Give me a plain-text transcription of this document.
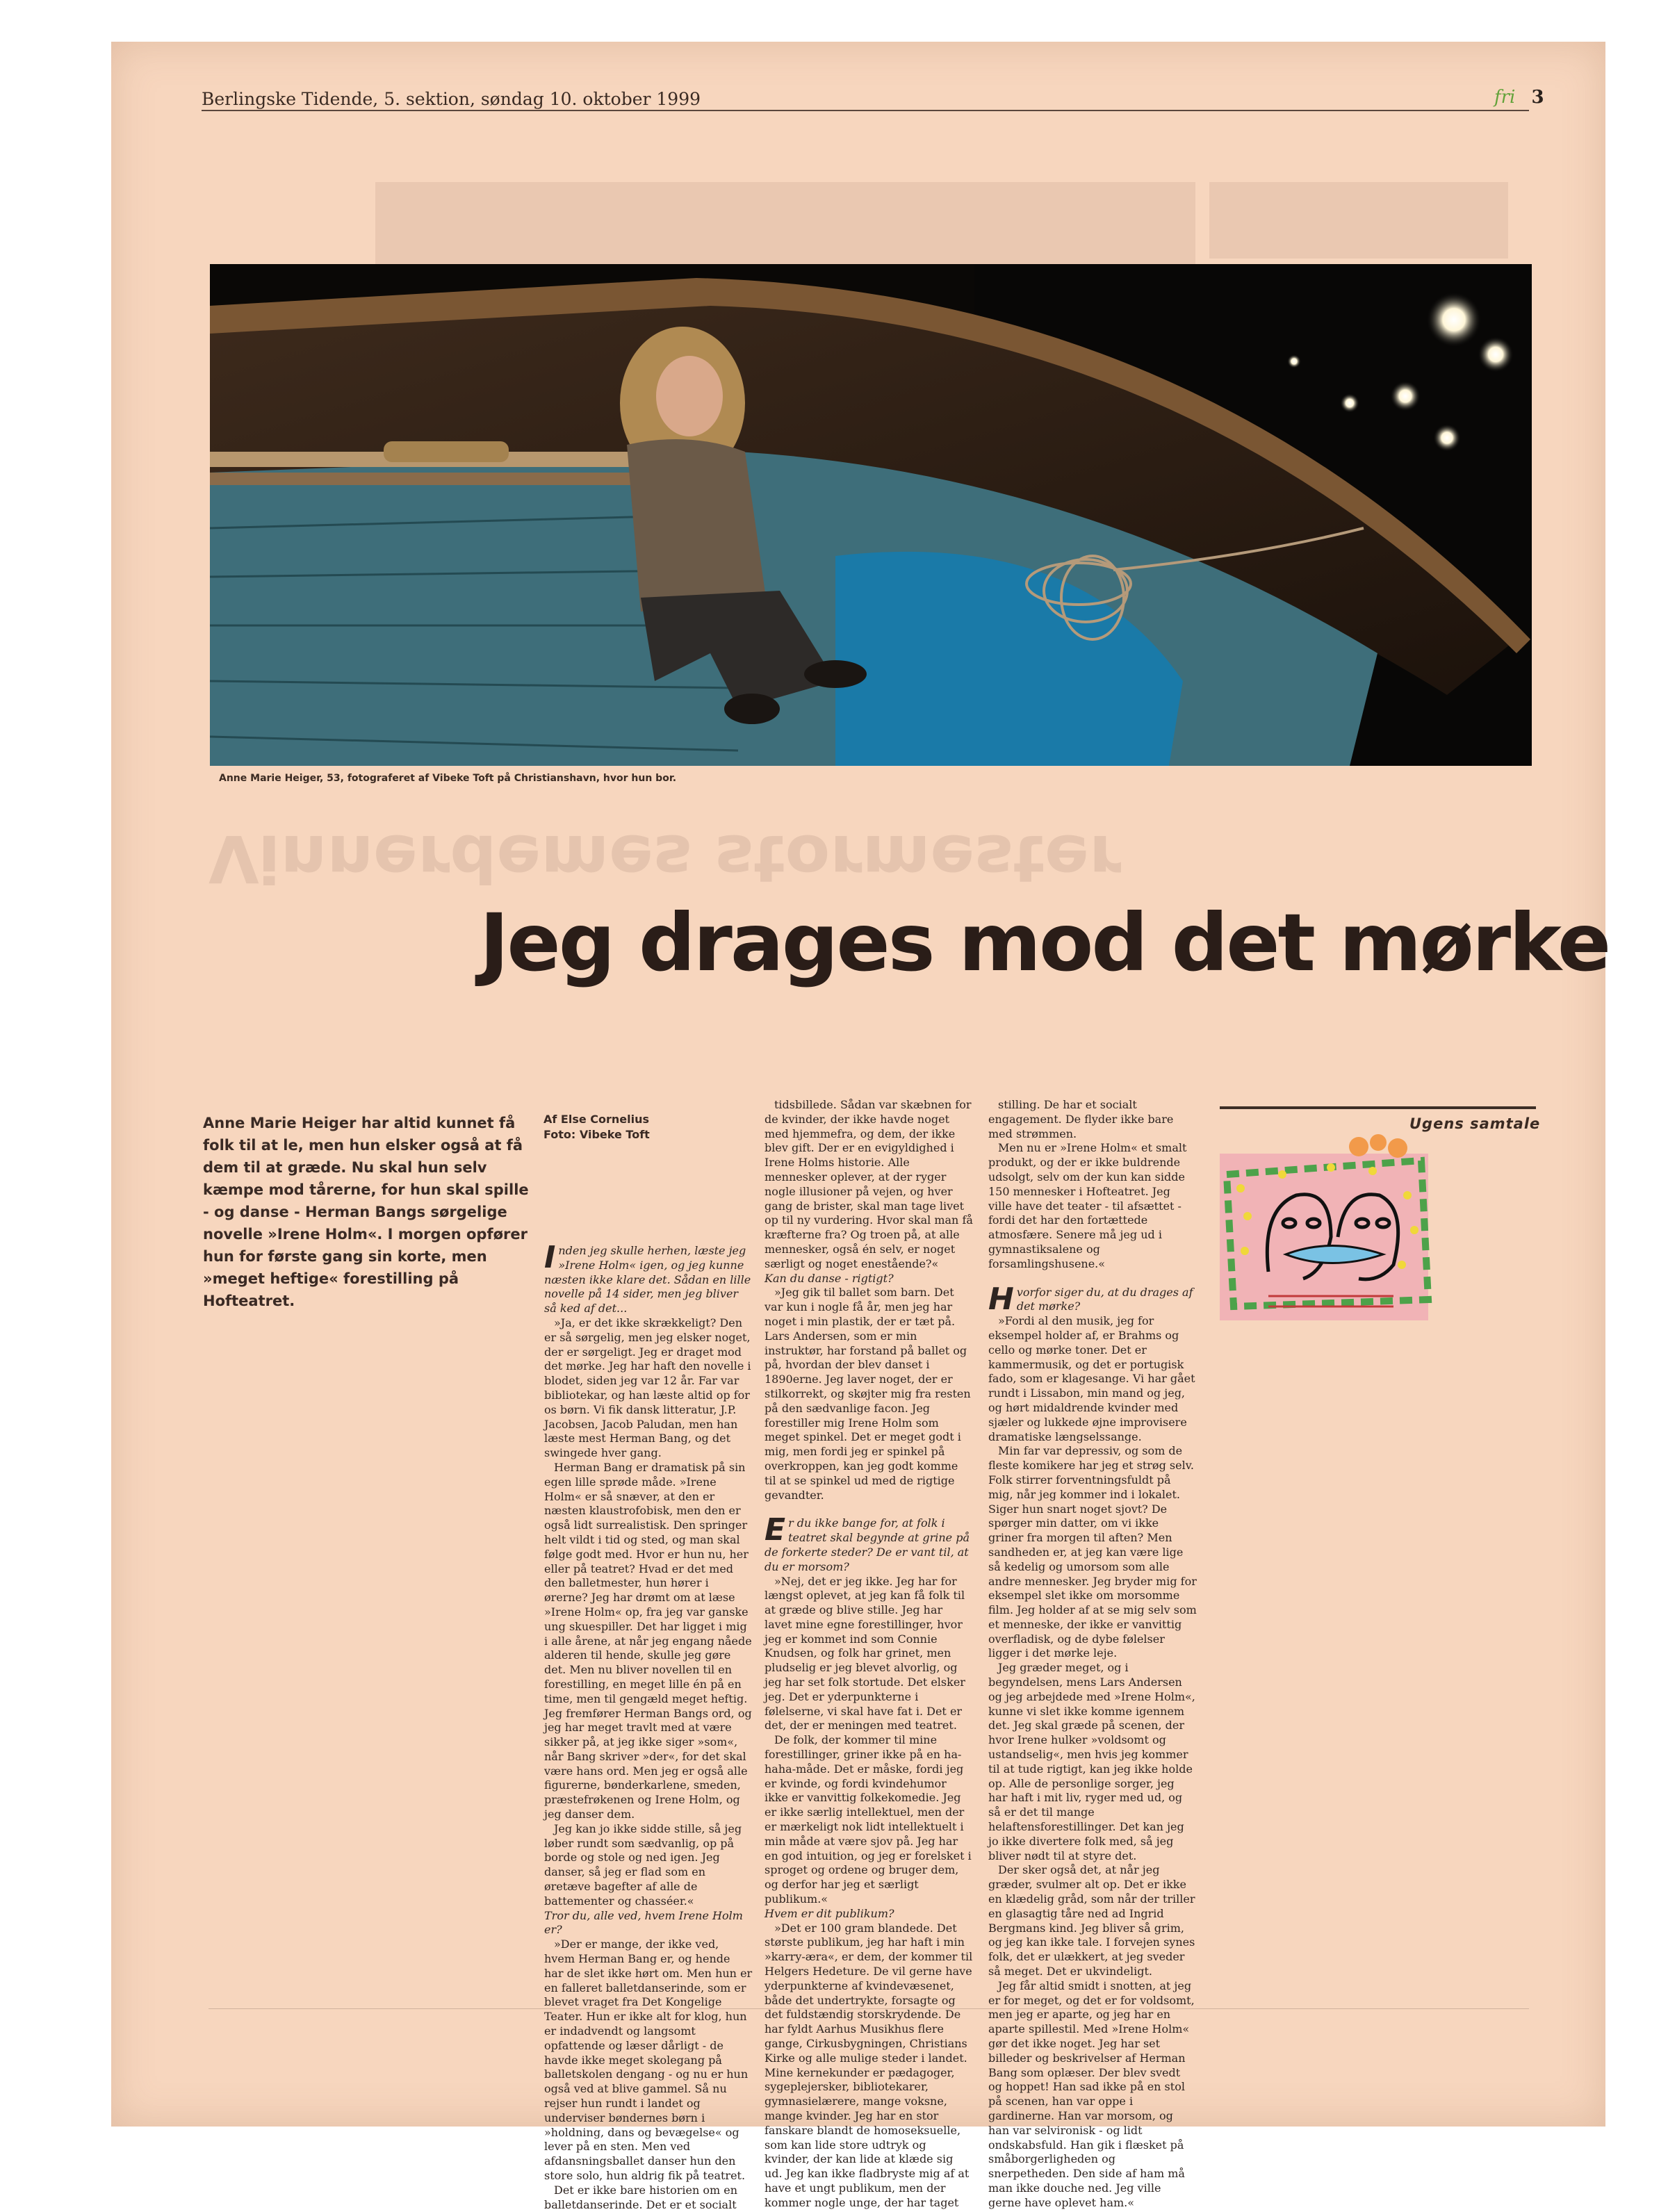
Vinnerdemes stormester
Berlingske Tidende, 5. sektion, søndag 10. oktober 1999	fri 3
Anne Marie Heiger, 53, fotograferet af Vibeke Toft på Christianshavn, hvor hun bor.
Jeg drages mod det mørke
Anne Marie Heiger har altid kunnet få folk til at le, men hun elsker også at få dem til at græde. Nu skal hun selv kæmpe mod tårerne, for hun skal spille - og danse - Herman Bangs sørgelige novelle »Irene Holm«. I morgen opfører hun for første gang sin korte, men »meget heftige« forestilling på Hofteatret.
Af Else Cornelius
Foto: Vibeke Toft

Inden jeg skulle herhen, læste jeg »Irene Holm« igen, og jeg kunne næsten ikke klare det. Sådan en lille novelle på 14 sider, men jeg bliver så ked af det...

»Ja, er det ikke skrækkeligt? Den er så sørgelig, men jeg elsker noget, der er sørgeligt. Jeg er draget mod det mørke. Jeg har haft den novelle i blodet, siden jeg var 12 år. Far var bibliotekar, og han læste altid op for os børn. Vi fik dansk litteratur, J.P. Jacobsen, Jacob Paludan, men han læste mest Herman Bang, og det swingede hver gang.

Herman Bang er dramatisk på sin egen lille sprøde måde. »Irene Holm« er så snæver, at den er næsten klaustrofobisk, men den er også lidt surrealistisk. Den springer helt vildt i tid og sted, og man skal følge godt med. Hvor er hun nu, her eller på teatret? Hvad er det med den balletmester, hun hører i ørerne? Jeg har drømt om at læse »Irene Holm« op, fra jeg var ganske ung skuespiller. Det har ligget i mig i alle årene, at når jeg engang nåede alderen til hende, skulle jeg gøre det. Men nu bliver novellen til en forestilling, en meget lille én på en time, men til gengæld meget heftig. Jeg fremfører Herman Bangs ord, og jeg har meget travlt med at være sikker på, at jeg ikke siger »som«, når Bang skriver »der«, for det skal være hans ord. Men jeg er også alle figurerne, bønderkarlene, smeden, præstefrøkenen og Irene Holm, og jeg danser dem.

Jeg kan jo ikke sidde stille, så jeg løber rundt som sædvanlig, op på borde og stole og ned igen. Jeg danser, så jeg er flad som en øretæve bagefter af alle de battementer og chasséer.«

Tror du, alle ved, hvem Irene Holm er?

»Der er mange, der ikke ved, hvem Herman Bang er, og hende har de slet ikke hørt om. Men hun er en falleret balletdanserinde, som er blevet vraget fra Det Kongelige Teater. Hun er ikke alt for klog, hun er indadvendt og langsomt opfattende og læser dårligt - de havde ikke meget skolegang på balletskolen dengang - og nu er hun også ved at blive gammel. Så nu rejser hun rundt i landet og underviser bøndernes børn i »holdning, dans og bevægelse« og lever på en sten. Men ved afdansningsballet danser hun den store solo, hun aldrig fik på teatret.

Det er ikke bare historien om en balletdanserinde. Det er et socialt

tidsbillede. Sådan var skæbnen for de kvinder, der ikke havde noget med hjemmefra, og dem, der ikke blev gift. Der er en evigyldighed i Irene Holms historie. Alle mennesker oplever, at der ryger nogle illusioner på vejen, og hver gang de brister, skal man tage livet op til ny vurdering. Hvor skal man få kræfterne fra? Og troen på, at alle mennesker, også én selv, er noget særligt og noget enestående?«

Kan du danse - rigtigt?

»Jeg gik til ballet som barn. Det var kun i nogle få år, men jeg har noget i min plastik, der er tæt på. Lars Andersen, som er min instruktør, har forstand på ballet og på, hvordan der blev danset i 1890erne. Jeg laver noget, der er stilkorrekt, og skøjter mig fra resten på den sædvanlige facon. Jeg forestiller mig Irene Holm som meget spinkel. Det er meget godt i mig, men fordi jeg er spinkel på overkroppen, kan jeg godt komme til at se spinkel ud med de rigtige gevandter.

Er du ikke bange for, at folk i teatret skal begynde at grine på de forkerte steder? De er vant til, at du er morsom?

»Nej, det er jeg ikke. Jeg har for længst oplevet, at jeg kan få folk til at græde og blive stille. Jeg har lavet mine egne forestillinger, hvor jeg er kommet ind som Connie Knudsen, og folk har grinet, men pludselig er jeg blevet alvorlig, og jeg har set folk stortude. Det elsker jeg. Det er yderpunkterne i følelserne, vi skal have fat i. Det er det, der er meningen med teatret.

De folk, der kommer til mine forestillinger, griner ikke på en ha-haha-måde. Det er måske, fordi jeg er kvinde, og fordi kvindehumor ikke er vanvittig folkekomedie. Jeg er ikke særlig intellektuel, men der er mærkeligt nok lidt intellektuelt i min måde at være sjov på. Jeg har en god intuition, og jeg er forelsket i sproget og ordene og bruger dem, og derfor har jeg et særligt publikum.«

Hvem er dit publikum?

»Det er 100 gram blandede. Det største publikum, jeg har haft i min »karry-æra«, er dem, der kommer til Helgers Hedeture. De vil gerne have yderpunkterne af kvindevæsenet, både det undertrykte, forsagte og det fuldstændig storskrydende. De har fyldt Aarhus Musikhus flere gange, Cirkusbygningen, Christians Kirke og alle mulige steder i landet. Mine kernekunder er pædagoger, sygeplejersker, bibliotekarer, gymnasielærere, mange voksne, mange kvinder. Jeg har en stor fanskare blandt de homoseksuelle, som kan lide store udtryk og kvinder, der kan lide at klæde sig ud. Jeg kan ikke fladbryste mig af at have et ungt publikum, men der kommer nogle unge, der har taget

stilling. De har et socialt engagement. De flyder ikke bare med strømmen.

Men nu er »Irene Holm« et smalt produkt, og der er ikke buldrende udsolgt, selv om der kun kan sidde 150 mennesker i Hofteatret. Jeg ville have det teater - til afsættet - fordi det har den fortættede atmosfære. Senere må jeg ud i gymnastiksalene og forsamlingshusene.«

Hvorfor siger du, at du drages af det mørke?

»Fordi al den musik, jeg for eksempel holder af, er Brahms og cello og mørke toner. Det er kammermusik, og det er portugisk fado, som er klagesange. Vi har gået rundt i Lissabon, min mand og jeg, og hørt midaldrende kvinder med sjæler og lukkede øjne improvisere dramatiske længselssange.

Min far var depressiv, og som de fleste komikere har jeg et strøg selv. Folk stirrer forventningsfuldt på mig, når jeg kommer ind i lokalet. Siger hun snart noget sjovt? De spørger min datter, om vi ikke griner fra morgen til aften? Men sandheden er, at jeg kan være lige så kedelig og umorsom som alle andre mennesker. Jeg bryder mig for eksempel slet ikke om morsomme film. Jeg holder af at se mig selv som et menneske, der ikke er vanvittig overfladisk, og de dybe følelser ligger i det mørke leje.

Jeg græder meget, og i begyndelsen, mens Lars Andersen og jeg arbejdede med »Irene Holm«, kunne vi slet ikke komme igennem det. Jeg skal græde på scenen, der hvor Irene hulker »voldsomt og ustandselig«, men hvis jeg kommer til at tude rigtigt, kan jeg ikke holde op. Alle de personlige sorger, jeg har haft i mit liv, ryger med ud, og så er det til mange helaftensforestillinger. Det kan jeg jo ikke divertere folk med, så jeg bliver nødt til at styre det.

Der sker også det, at når jeg græder, svulmer alt op. Det er ikke en klædelig gråd, som når der triller en glasagtig tåre ned ad Ingrid Bergmans kind. Jeg bliver så grim, og jeg kan ikke tale. I forvejen synes folk, det er ulækkert, at jeg sveder så meget. Det er ukvindeligt.

Jeg får altid smidt i snotten, at jeg er for meget, og det er for voldsomt, men jeg er aparte, og jeg har en aparte spillestil. Med »Irene Holm« gør det ikke noget. Jeg har set billeder og beskrivelser af Herman Bang som oplæser. Der blev svedt og hoppet! Han sad ikke på en stol på scenen, han var oppe i gardinerne. Han var morsom, og han var selvironisk - og lidt ondskabsfuld. Han gik i flæsket på småborgerligheden og snerpetheden. Den side af ham må man ikke douche ned. Jeg ville gerne have oplevet ham.«

Ugens samtale
